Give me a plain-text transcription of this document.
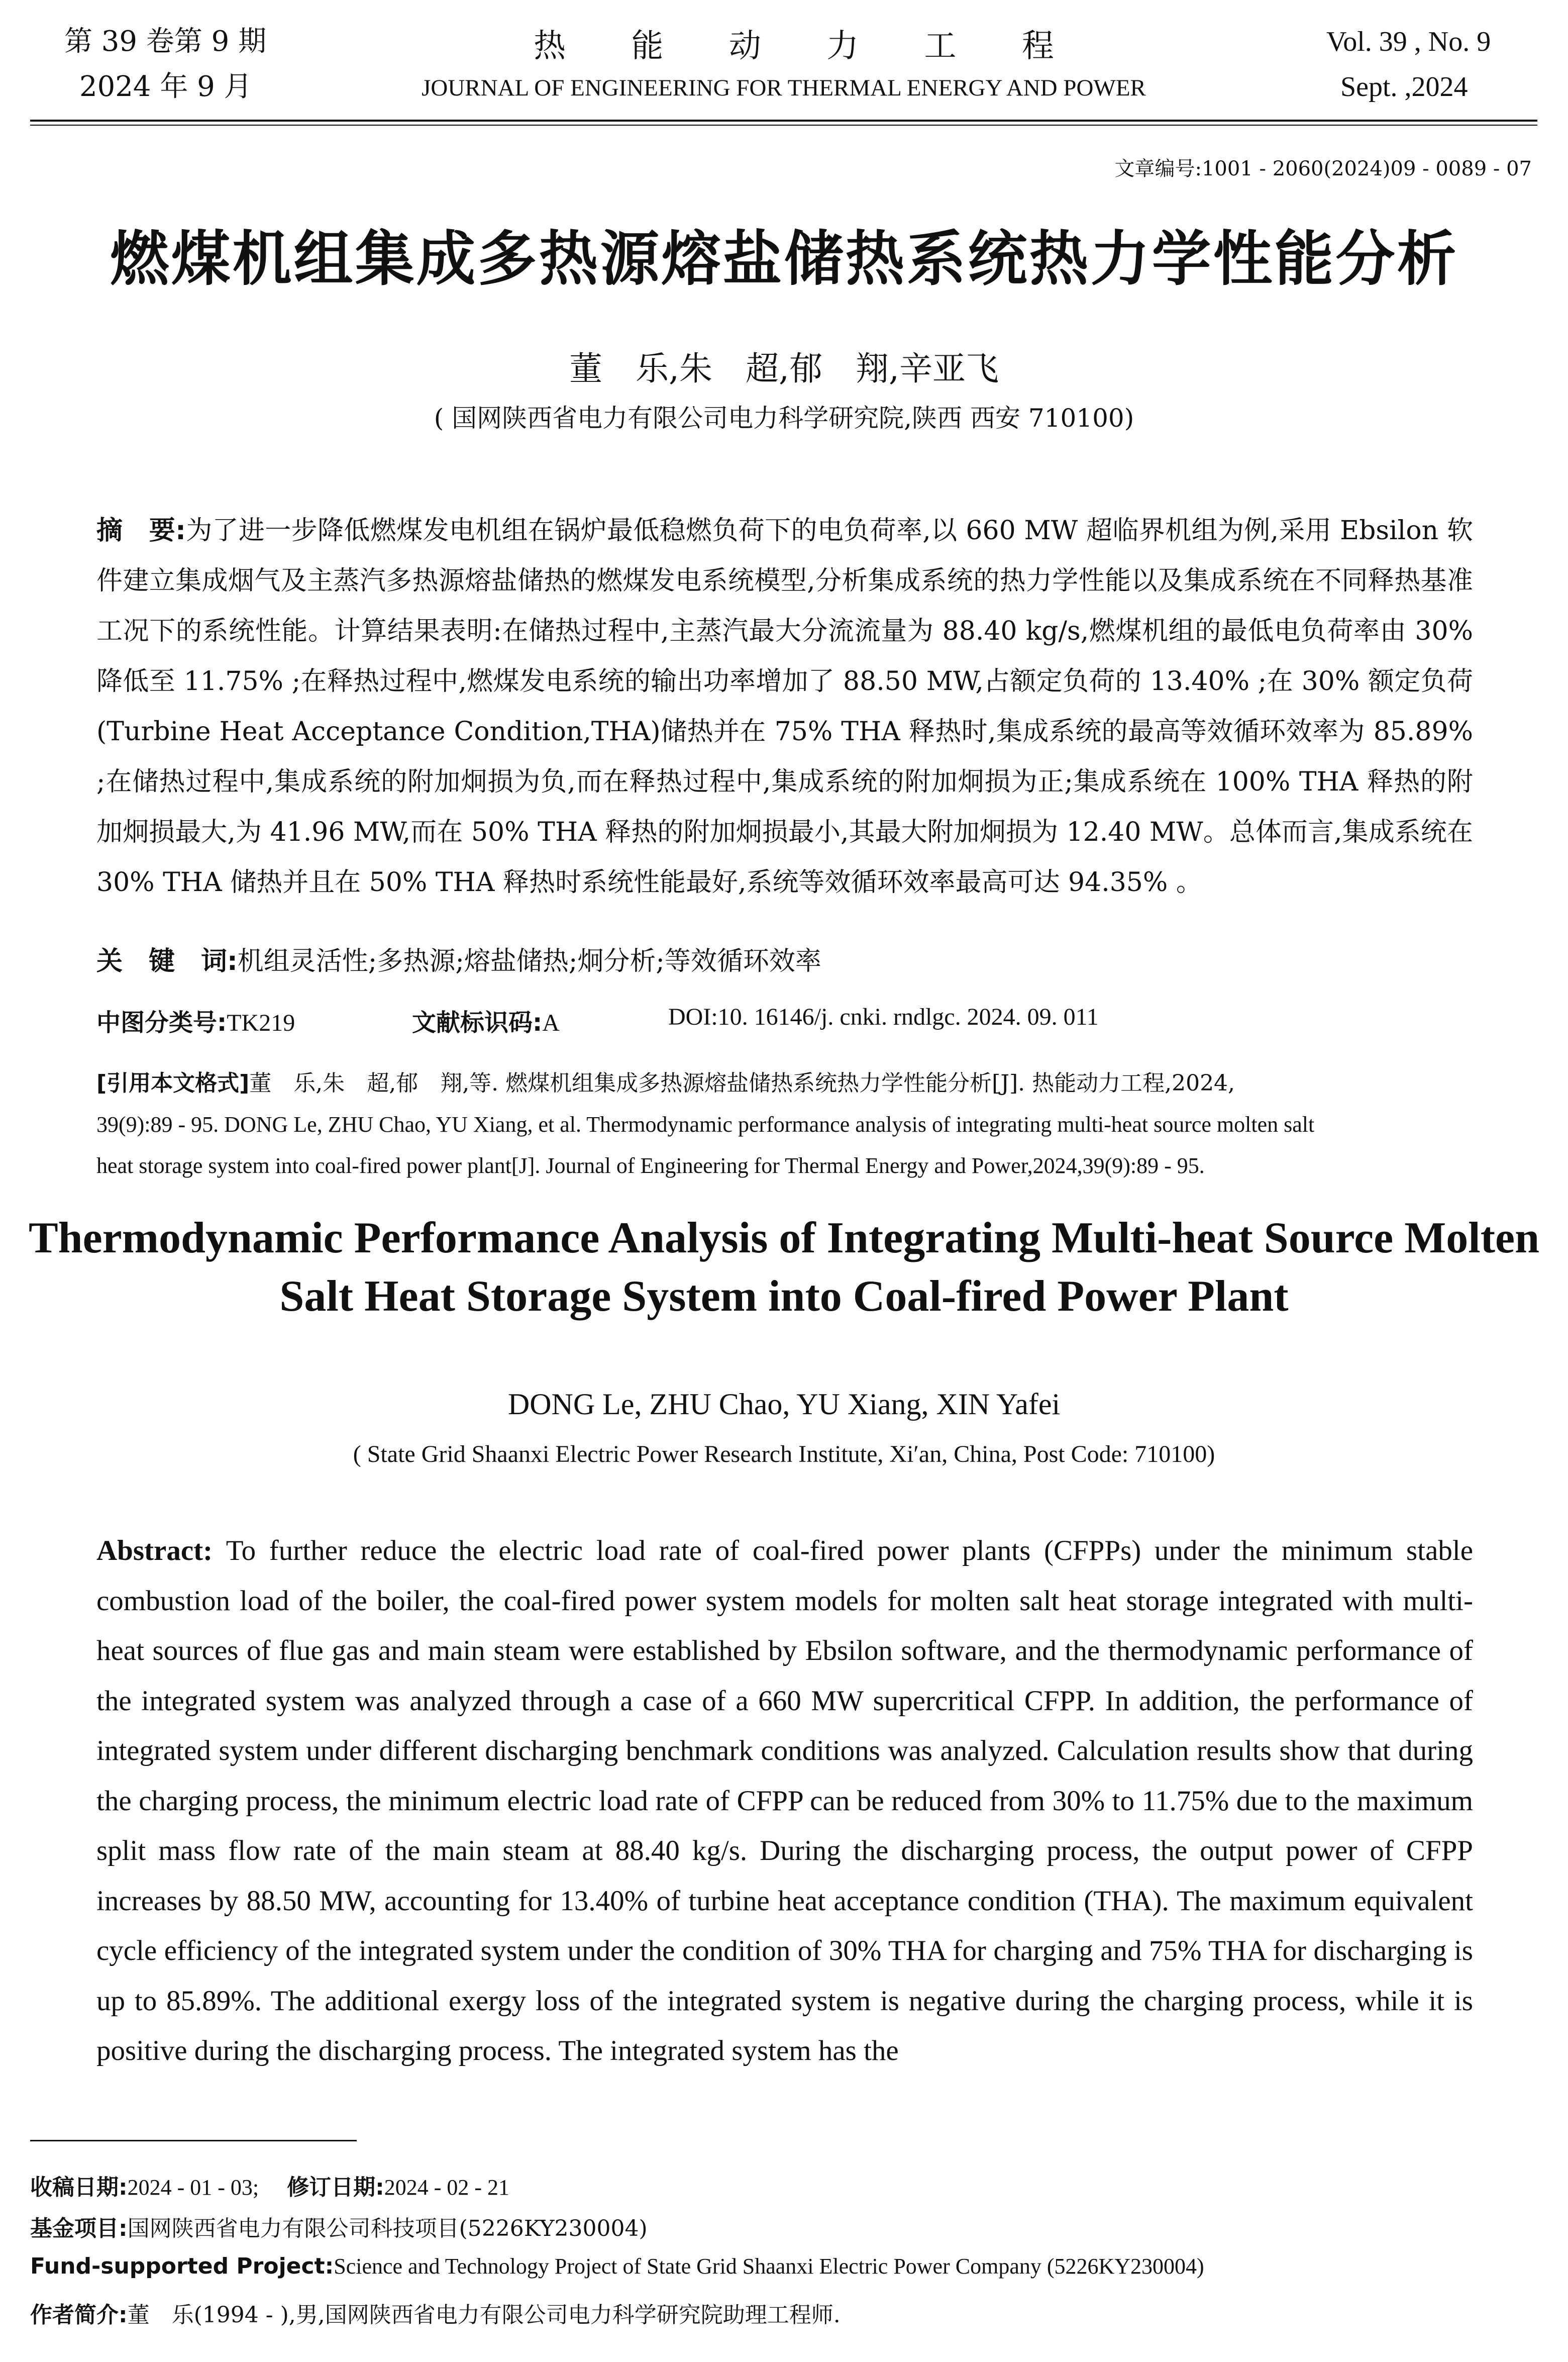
第 39 卷第 9 期
2024 年 9 月
热 能 动 力 工 程
JOURNAL OF ENGINEERING FOR THERMAL ENERGY AND POWER
Vol. 39 , No. 9
Sept. ,2024
文章编号:1001 - 2060(2024)09 - 0089 - 07
燃煤机组集成多热源熔盐储热系统热力学性能分析
董　乐,朱　超,郁　翔,辛亚飞
( 国网陕西省电力有限公司电力科学研究院,陕西 西安 710100)
摘　要:为了进一步降低燃煤发电机组在锅炉最低稳燃负荷下的电负荷率,以 660 MW 超临界机组为例,采用 Ebsilon 软件建立集成烟气及主蒸汽多热源熔盐储热的燃煤发电系统模型,分析集成系统的热力学性能以及集成系统在不同释热基准工况下的系统性能。计算结果表明:在储热过程中,主蒸汽最大分流流量为 88.40 kg/s,燃煤机组的最低电负荷率由 30% 降低至 11.75% ;在释热过程中,燃煤发电系统的输出功率增加了 88.50 MW,占额定负荷的 13.40% ;在 30% 额定负荷(Turbine Heat Acceptance Condition,THA)储热并在 75% THA 释热时,集成系统的最高等效循环效率为 85.89% ;在储热过程中,集成系统的附加炯损为负,而在释热过程中,集成系统的附加炯损为正;集成系统在 100% THA 释热的附加炯损最大,为 41.96 MW,而在 50% THA 释热的附加炯损最小,其最大附加炯损为 12.40 MW。总体而言,集成系统在 30% THA 储热并且在 50% THA 释热时系统性能最好,系统等效循环效率最高可达 94.35% 。
关　键　词:机组灵活性;多热源;熔盐储热;炯分析;等效循环效率
中图分类号:TK219	文献标识码:A	DOI:10. 16146/j. cnki. rndlgc. 2024. 09. 011
[引用本文格式]董　乐,朱　超,郁　翔,等. 燃煤机组集成多热源熔盐储热系统热力学性能分析[J]. 热能动力工程,2024,
39(9):89 - 95. DONG Le, ZHU Chao, YU Xiang, et al. Thermodynamic performance analysis of integrating multi-heat source molten salt
heat storage system into coal-fired power plant[J]. Journal of Engineering for Thermal Energy and Power,2024,39(9):89 - 95.
Thermodynamic Performance Analysis of Integrating Multi-heat Source Molten
Salt Heat Storage System into Coal-fired Power Plant
DONG Le, ZHU Chao, YU Xiang, XIN Yafei
( State Grid Shaanxi Electric Power Research Institute, Xi′an, China, Post Code: 710100)
Abstract: To further reduce the electric load rate of coal-fired power plants (CFPPs) under the minimum stable combustion load of the boiler, the coal-fired power system models for molten salt heat storage integrated with multi-heat sources of flue gas and main steam were established by Ebsilon software, and the thermodynamic performance of the integrated system was analyzed through a case of a 660 MW supercritical CFPP. In addition, the performance of integrated system under different discharging benchmark conditions was analyzed. Calculation results show that during the charging process, the minimum electric load rate of CFPP can be reduced from 30% to 11.75% due to the maximum split mass flow rate of the main steam at 88.40 kg/s. During the discharging process, the output power of CFPP increases by 88.50 MW, accounting for 13.40% of turbine heat acceptance condition (THA). The maximum equivalent cycle efficiency of the integrated system under the condition of 30% THA for charging and 75% THA for discharging is up to 85.89%. The additional exergy loss of the integrated system is negative during the charging process, while it is positive during the discharging process. The integrated system has the
收稿日期:2024 - 01 - 03; 修订日期:2024 - 02 - 21
基金项目:国网陕西省电力有限公司科技项目(5226KY230004)
Fund-supported Project:Science and Technology Project of State Grid Shaanxi Electric Power Company (5226KY230004)
作者简介:董　乐(1994 - ),男,国网陕西省电力有限公司电力科学研究院助理工程师.
